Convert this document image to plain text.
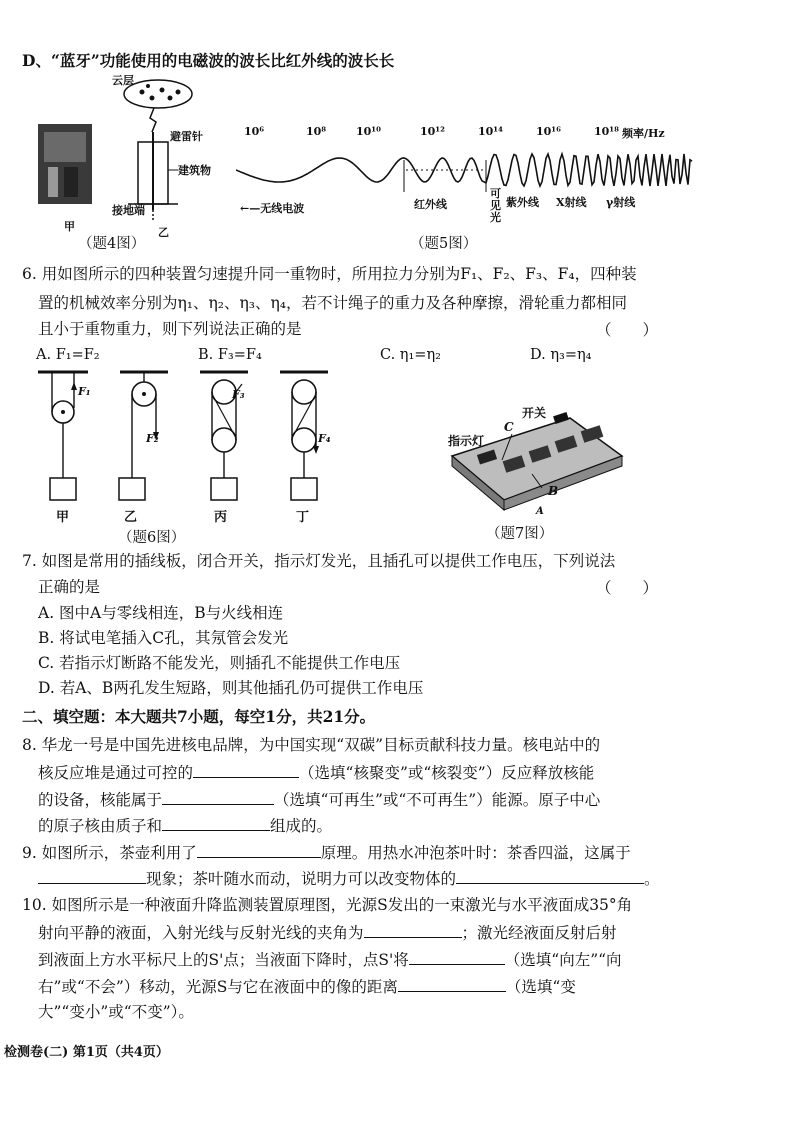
D、“蓝牙”功能使用的电磁波的波长比红外线的波长长
云层
避雷针
建筑物
接地端
甲	乙
（题4图）
10⁶	10⁸	10¹⁰	10¹²	10¹⁴	10¹⁶	10¹⁸ 频率/Hz
←—无线电波	红外线
可见光
紫外线 X射线 γ射线
（题5图）
6. 用如图所示的四种装置匀速提升同一重物时，所用拉力分别为F₁、F₂、F₃、F₄，四种装
置的机械效率分别为η₁、η₂、η₃、η₄，若不计绳子的重力及各种摩擦，滑轮重力都相同
且小于重物重力，则下列说法正确的是	（　　）
A. F₁=F₂	B. F₃=F₄	C. η₁=η₂	D. η₃=η₄
F₁
F₂
F₃
F₄
甲	乙	丙	丁
（题6图）
开关
指示灯
C
B
A
（题7图）
7. 如图是常用的插线板，闭合开关，指示灯发光，且插孔可以提供工作电压，下列说法
正确的是	（　　）
A. 图中A与零线相连，B与火线相连
B. 将试电笔插入C孔，其氖管会发光
C. 若指示灯断路不能发光，则插孔不能提供工作电压
D. 若A、B两孔发生短路，则其他插孔仍可提供工作电压
二、填空题：本大题共7小题，每空1分，共21分。
8. 华龙一号是中国先进核电品牌，为中国实现“双碳”目标贡献科技力量。核电站中的
核反应堆是通过可控的	（选填“核聚变”或“核裂变”）反应释放核能
的设备，核能属于	（选填“可再生”或“不可再生”）能源。原子中心
的原子核由质子和	组成的。
9. 如图所示，茶壶利用了	原理。用热水冲泡茶叶时：茶香四溢，这属于
现象；茶叶随水而动，说明力可以改变物体的	。
10. 如图所示是一种液面升降监测装置原理图，光源S发出的一束激光与水平液面成35°角
射向平静的液面，入射光线与反射光线的夹角为	；激光经液面反射后射
到液面上方水平标尺上的S'点；当液面下降时，点S'将	（选填“向左”“向
右”或“不会”）移动，光源S与它在液面中的像的距离	（选填“变
大”“变小”或“不变”）。
检测卷(二) 第1页（共4页）
